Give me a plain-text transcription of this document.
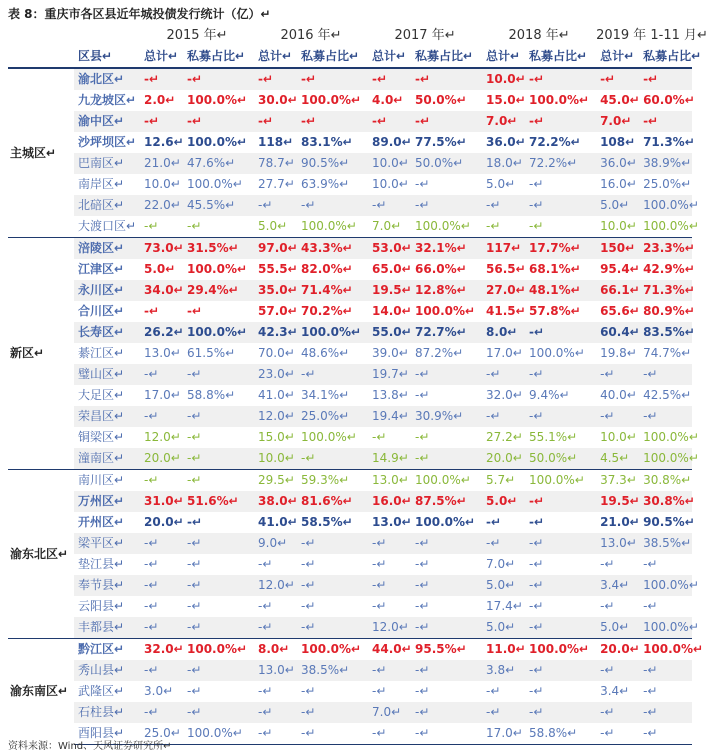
表 8：重庆市各区县近年城投债发行统计（亿）↵
		2015 年↵		2016 年↵		2017 年↵		2018 年↵		2019 年 1-11 月↵	
	区县↵	总计↵	私募占比↵	总计↵	私募占比↵	总计↵	私募占比↵	总计↵	私募占比↵	总计↵	私募占比↵
主城区↵	渝北区↵	-↵	-↵	-↵	-↵	-↵	-↵	10.0↵	-↵	-↵	-↵
	九龙坡区↵	2.0↵	100.0%↵	30.0↵	100.0%↵	4.0↵	50.0%↵	15.0↵	100.0%↵	45.0↵	60.0%↵
	渝中区↵	-↵	-↵	-↵	-↵	-↵	-↵	7.0↵	-↵	7.0↵	-↵
	沙坪坝区↵	12.6↵	100.0%↵	118↵	83.1%↵	89.0↵	77.5%↵	36.0↵	72.2%↵	108↵	71.3%↵
	巴南区↵	21.0↵	47.6%↵	78.7↵	90.5%↵	10.0↵	50.0%↵	18.0↵	72.2%↵	36.0↵	38.9%↵
	南岸区↵	10.0↵	100.0%↵	27.7↵	63.9%↵	10.0↵	-↵	5.0↵	-↵	16.0↵	25.0%↵
	北碚区↵	22.0↵	45.5%↵	-↵	-↵	-↵	-↵	-↵	-↵	5.0↵	100.0%↵
	大渡口区↵	-↵	-↵	5.0↵	100.0%↵	7.0↵	100.0%↵	-↵	-↵	10.0↵	100.0%↵
新区↵	涪陵区↵	73.0↵	31.5%↵	97.0↵	43.3%↵	53.0↵	32.1%↵	117↵	17.7%↵	150↵	23.3%↵
	江津区↵	5.0↵	100.0%↵	55.5↵	82.0%↵	65.0↵	66.0%↵	56.5↵	68.1%↵	95.4↵	42.9%↵
	永川区↵	34.0↵	29.4%↵	35.0↵	71.4%↵	19.5↵	12.8%↵	27.0↵	48.1%↵	66.1↵	71.3%↵
	合川区↵	-↵	-↵	57.0↵	70.2%↵	14.0↵	100.0%↵	41.5↵	57.8%↵	65.6↵	80.9%↵
	长寿区↵	26.2↵	100.0%↵	42.3↵	100.0%↵	55.0↵	72.7%↵	8.0↵	-↵	60.4↵	83.5%↵
	綦江区↵	13.0↵	61.5%↵	70.0↵	48.6%↵	39.0↵	87.2%↵	17.0↵	100.0%↵	19.8↵	74.7%↵
	璧山区↵	-↵	-↵	23.0↵	-↵	19.7↵	-↵	-↵	-↵	-↵	-↵
	大足区↵	17.0↵	58.8%↵	41.0↵	34.1%↵	13.8↵	-↵	32.0↵	9.4%↵	40.0↵	42.5%↵
	荣昌区↵	-↵	-↵	12.0↵	25.0%↵	19.4↵	30.9%↵	-↵	-↵	-↵	-↵
	铜梁区↵	12.0↵	-↵	15.0↵	100.0%↵	-↵	-↵	27.2↵	55.1%↵	10.0↵	100.0%↵
	潼南区↵	20.0↵	-↵	10.0↵	-↵	14.9↵	-↵	20.0↵	50.0%↵	4.5↵	100.0%↵
渝东北区↵	南川区↵	-↵	-↵	29.5↵	59.3%↵	13.0↵	100.0%↵	5.7↵	100.0%↵	37.3↵	30.8%↵
	万州区↵	31.0↵	51.6%↵	38.0↵	81.6%↵	16.0↵	87.5%↵	5.0↵	-↵	19.5↵	30.8%↵
	开州区↵	20.0↵	-↵	41.0↵	58.5%↵	13.0↵	100.0%↵	-↵	-↵	21.0↵	90.5%↵
	梁平区↵	-↵	-↵	9.0↵	-↵	-↵	-↵	-↵	-↵	13.0↵	38.5%↵
	垫江县↵	-↵	-↵	-↵	-↵	-↵	-↵	7.0↵	-↵	-↵	-↵
	奉节县↵	-↵	-↵	12.0↵	-↵	-↵	-↵	5.0↵	-↵	3.4↵	100.0%↵
	云阳县↵	-↵	-↵	-↵	-↵	-↵	-↵	17.4↵	-↵	-↵	-↵
	丰都县↵	-↵	-↵	-↵	-↵	12.0↵	-↵	5.0↵	-↵	5.0↵	100.0%↵
渝东南区↵	黔江区↵	32.0↵	100.0%↵	8.0↵	100.0%↵	44.0↵	95.5%↵	11.0↵	100.0%↵	20.0↵	100.0%↵
	秀山县↵	-↵	-↵	13.0↵	38.5%↵	-↵	-↵	3.8↵	-↵	-↵	-↵
	武隆区↵	3.0↵	-↵	-↵	-↵	-↵	-↵	-↵	-↵	3.4↵	-↵
	石柱县↵	-↵	-↵	-↵	-↵	7.0↵	-↵	-↵	-↵	-↵	-↵
	酉阳县↵	25.0↵	100.0%↵	-↵	-↵	-↵	-↵	17.0↵	58.8%↵	-↵	-↵
资料来源：Wind、天风证券研究所↵
